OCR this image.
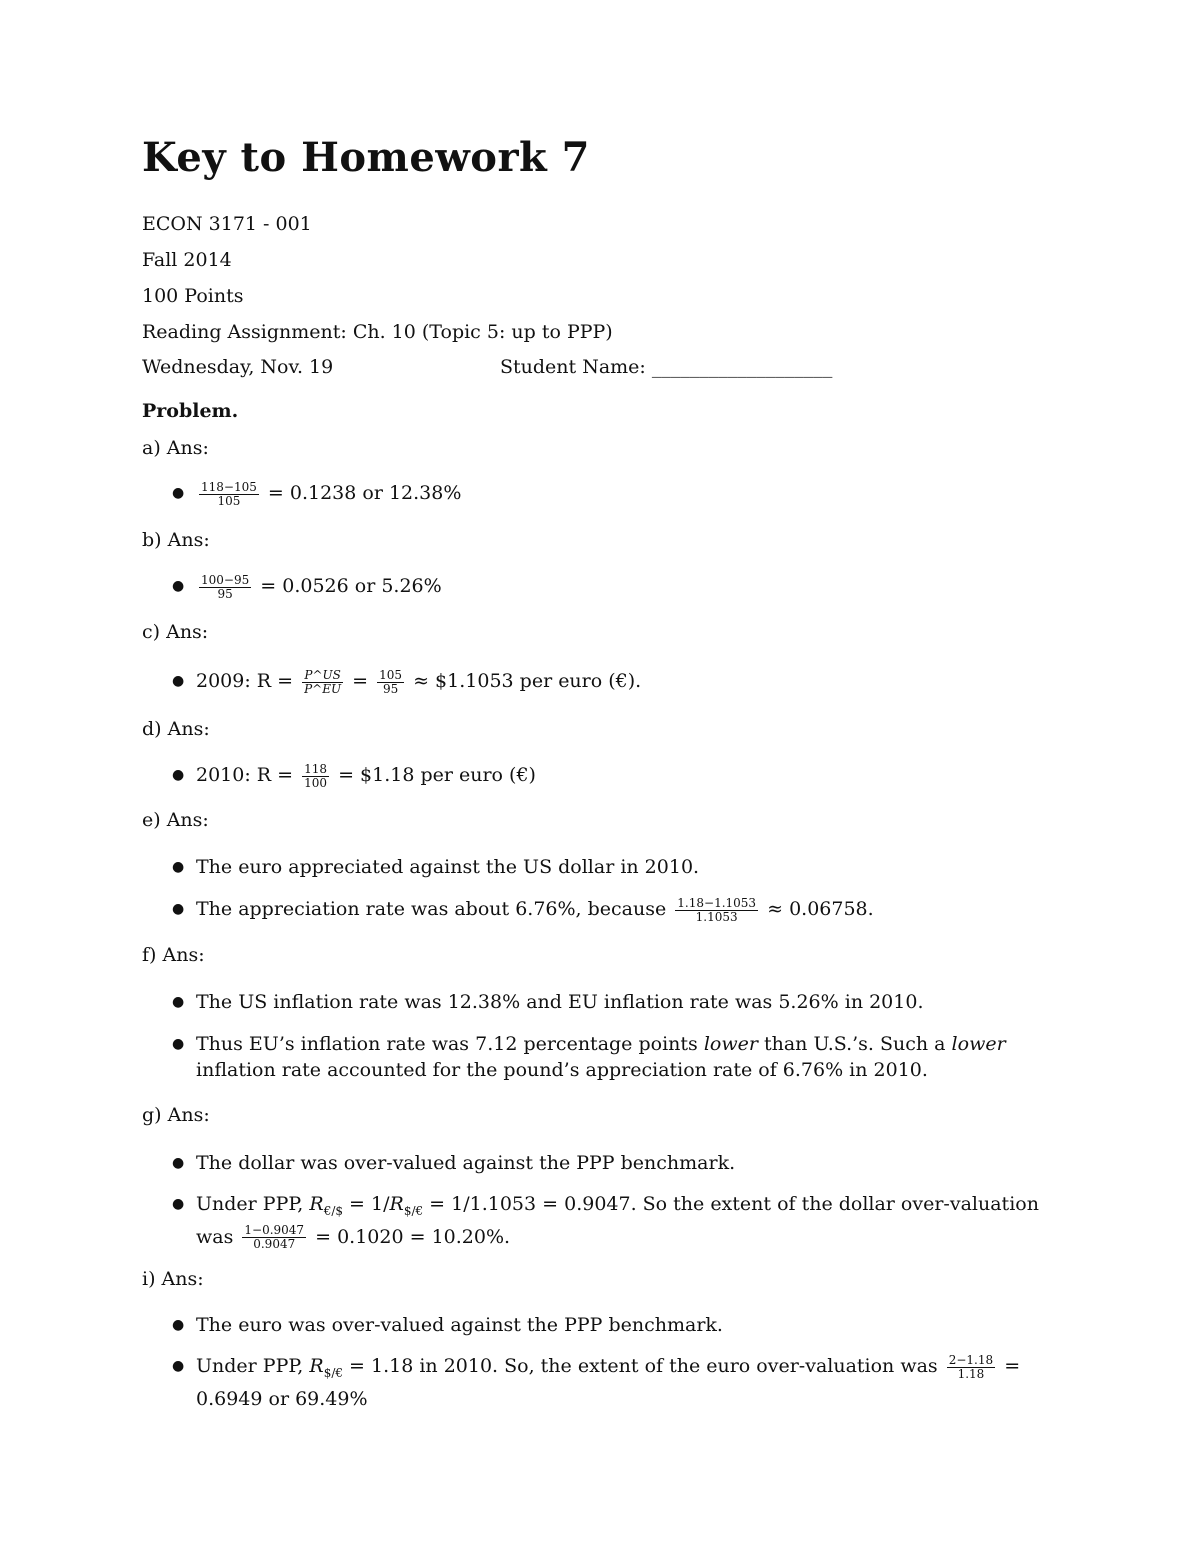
Key to Homework 7
ECON 3171 - 001
Fall 2014
100 Points
Reading Assignment: Ch. 10 (Topic 5: up to PPP)
Wednesday, Nov. 19	Student Name: ___________________
Problem.
a) Ans:
●	$\frac{118-105}{105} = 0.1238$ or 12.38%
b) Ans:
●	$\frac{100-95}{95} = 0.0526$ or 5.26%
c) Ans:
● 2009: $R = \frac{P\^{}US}{P\^{}EU} = \frac{105}{95}$ ≈ $1.1053 per euro (€).
d) Ans:
● 2010: $R = \frac{118}{100}$ = $1.18 per euro (€)
e) Ans:
● The euro appreciated against the US dollar in 2010.
● The appreciation rate was about 6.76%, because $\frac{1.18-1.1053}{1.1053} \approx 0.06758$.
f) Ans:
● The US inflation rate was 12.38% and EU inflation rate was 5.26% in 2010.
● Thus EU’s inflation rate was 7.12 percentage points lower than U.S.’s. Such a lower inflation rate accounted for the pound’s appreciation rate of 6.76% in 2010.
g) Ans:
● The dollar was over-valued against the PPP benchmark.
● Under PPP, $R_{€/\$} = 1/R_{\$/€} = 1/1.1053 = 0.9047$. So the extent of the dollar over-valuation was $\frac{1-0.9047}{0.9047} = 0.1020 = 10.20\%$.
i) Ans:
● The euro was over-valued against the PPP benchmark.
● Under PPP, $R_{\$/€} = 1.18$ in 2010. So, the extent of the euro over-valuation was $\frac{2-1.18}{1.18} = 0.6949$ or 69.49%
